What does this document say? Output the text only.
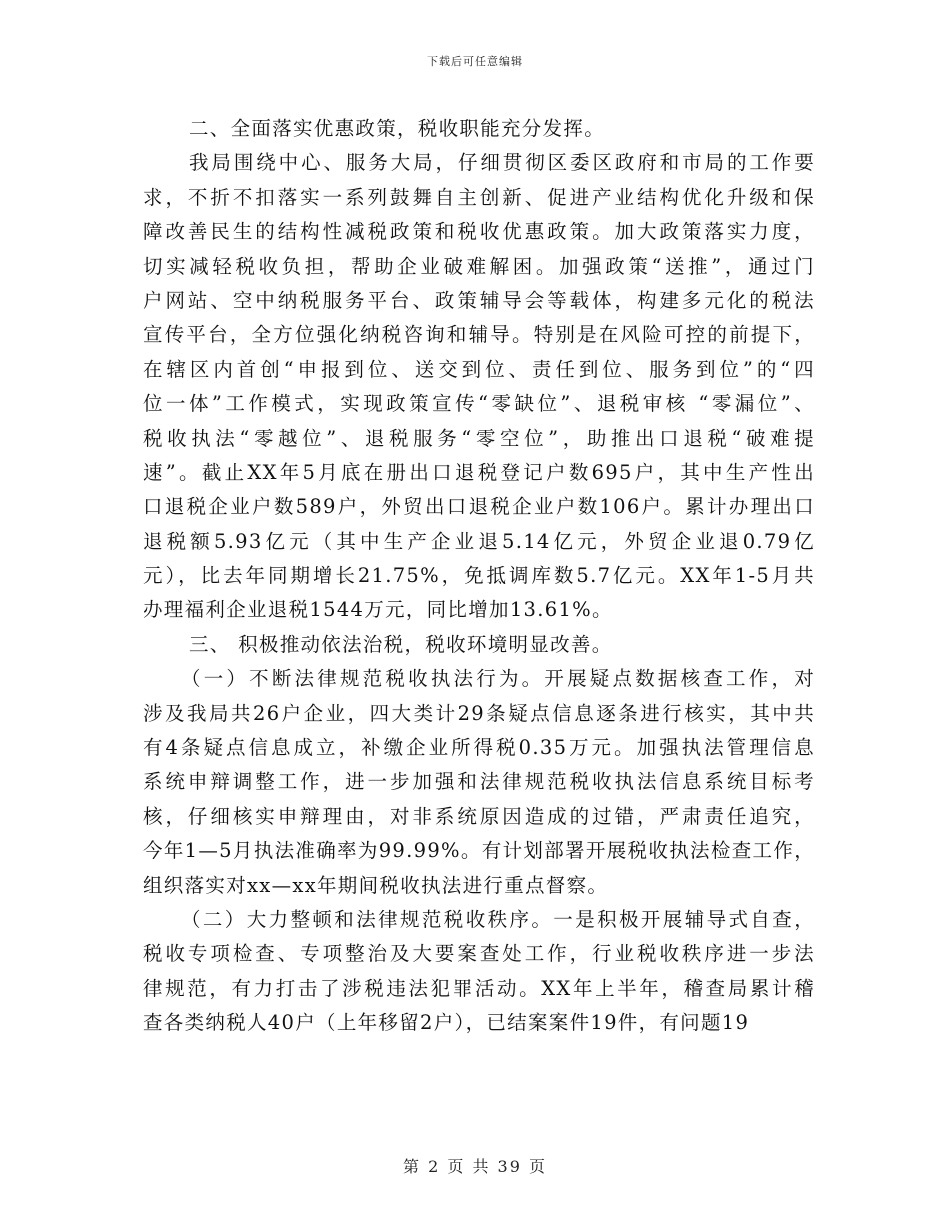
下载后可任意编辑
二、全面落实优惠政策，税收职能充分发挥。
我局围绕中心、服务大局，仔细贯彻区委区政府和市局的工作要
求，不折不扣落实一系列鼓舞自主创新、促进产业结构优化升级和保
障改善民生的结构性减税政策和税收优惠政策。加大政策落实力度，
切实减轻税收负担，帮助企业破难解困。加强政策“送推”，通过门
户网站、空中纳税服务平台、政策辅导会等载体，构建多元化的税法
宣传平台，全方位强化纳税咨询和辅导。特别是在风险可控的前提下，
在辖区内首创“申报到位、送交到位、责任到位、服务到位”的“四
位一体”工作模式，实现政策宣传“零缺位”、退税审核 “零漏位”、
税收执法“零越位”、退税服务“零空位”，助推出口退税“破难提
速”。截止XX年5月底在册出口退税登记户数695户，其中生产性出
口退税企业户数589户，外贸出口退税企业户数106户。累计办理出口
退税额5.93亿元（其中生产企业退5.14亿元，外贸企业退0.79亿
元），比去年同期增长21.75%，免抵调库数5.7亿元。XX年1-5月共
办理福利企业退税1544万元，同比增加13.61%。
三、 积极推动依法治税，税收环境明显改善。
（一）不断法律规范税收执法行为。开展疑点数据核查工作，对
涉及我局共26户企业，四大类计29条疑点信息逐条进行核实，其中共
有4条疑点信息成立，补缴企业所得税0.35万元。加强执法管理信息
系统申辩调整工作，进一步加强和法律规范税收执法信息系统目标考
核，仔细核实申辩理由，对非系统原因造成的过错，严肃责任追究，
今年1—5月执法准确率为99.99%。有计划部署开展税收执法检查工作，
组织落实对xx—xx年期间税收执法进行重点督察。
（二）大力整顿和法律规范税收秩序。一是积极开展辅导式自查，
税收专项检查、专项整治及大要案查处工作，行业税收秩序进一步法
律规范，有力打击了涉税违法犯罪活动。XX年上半年，稽查局累计稽
查各类纳税人40户（上年移留2户），已结案案件19件，有问题19
第 2 页 共 39 页
